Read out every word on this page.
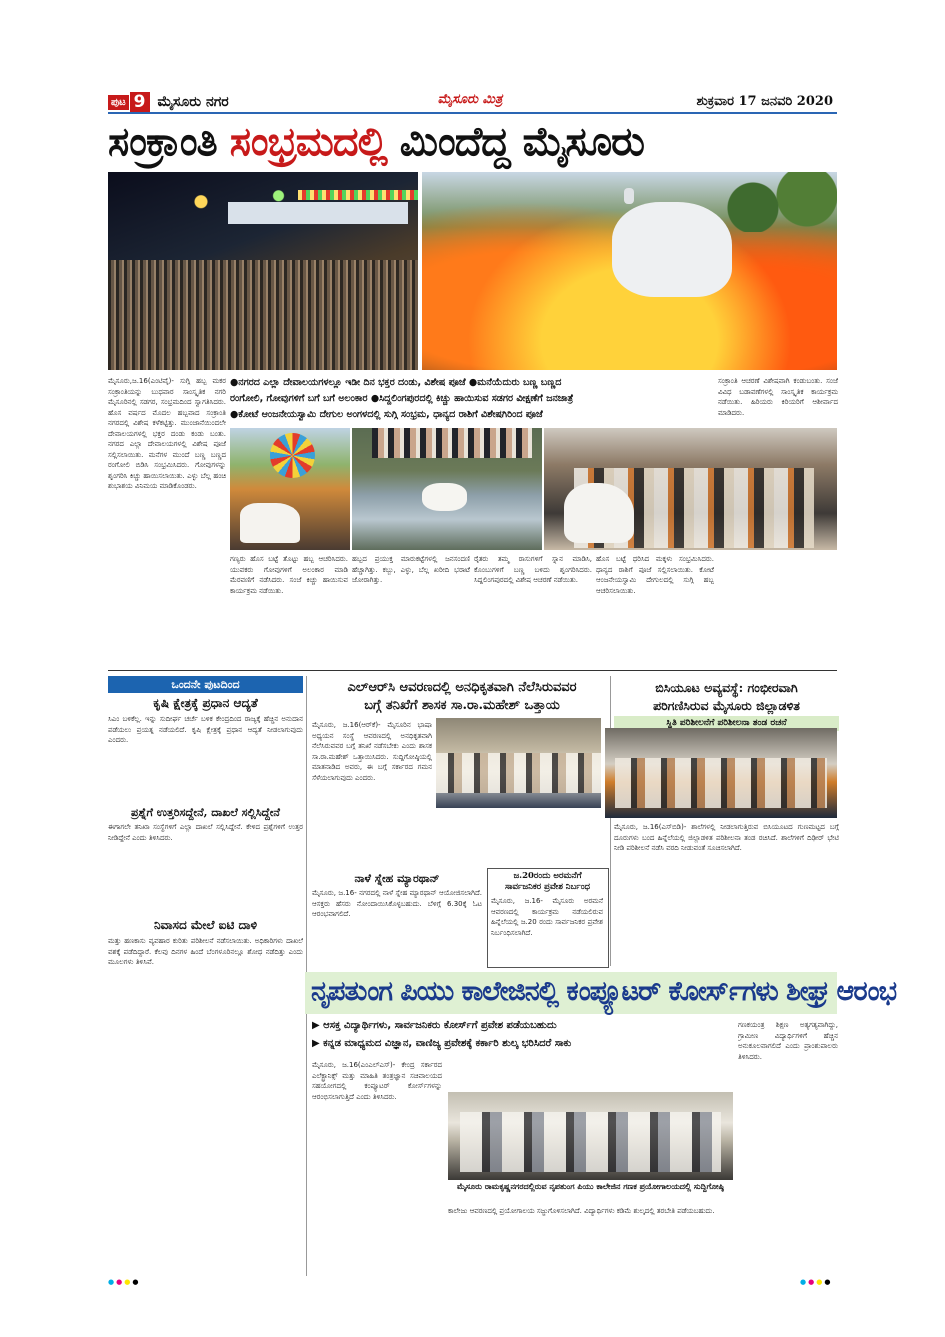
ಪುಟ 9 ಮೈಸೂರು ನಗರ	ಮೈಸೂರು ಮಿತ್ರ	ಶುಕ್ರವಾರ 17 ಜನವರಿ 2020
ಸಂಕ್ರಾಂತಿ ಸಂಭ್ರಮದಲ್ಲಿ ಮಿಂದೆದ್ದ ಮೈಸೂರು
●ನಗರದ ಎಲ್ಲಾ ದೇವಾಲಯಗಳಲ್ಲೂ ಇಡೀ ದಿನ ಭಕ್ತರ ದಂಡು, ವಿಶೇಷ ಪೂಜೆ ●ಮನೆಯೆದುರು ಬಣ್ಣ ಬಣ್ಣದ
ರಂಗೋಲಿ, ಗೋವುಗಳಿಗೆ ಬಗೆ ಬಗೆ ಅಲಂಕಾರ ●ಸಿದ್ದಲಿಂಗಪುರದಲ್ಲಿ ಕಿಚ್ಚು ಹಾಯಿಸುವ ಸಡಗರ ವೀಕ್ಷಣೆಗೆ ಜನಜಾತ್ರೆ
●ಕೋಟೆ ಆಂಜನೇಯಸ್ವಾಮಿ ದೇಗುಲ ಅಂಗಳದಲ್ಲಿ ಸುಗ್ಗಿ ಸಂಭ್ರಮ, ಧಾನ್ಯದ ರಾಶಿಗೆ ವಿಶೇಷಗಿರಿಂದ ಪೂಜೆ
ಮೈಸೂರು,ಜ.16(ಎಂಟಿವೈ)- ಸುಗ್ಗಿ ಹಬ್ಬ ಮಕರ ಸಂಕ್ರಾಂತಿಯನ್ನು ಬುಧವಾರ ಸಾಂಸ್ಕೃತಿಕ ನಗರಿ ಮೈಸೂರಿನಲ್ಲಿ ಸಡಗರ, ಸಂಭ್ರಮದಿಂದ ಸ್ವಾಗತಿಸಿದರು. ಹೊಸ ವರ್ಷದ ಮೊದಲ ಹಬ್ಬವಾದ ಸಂಕ್ರಾಂತಿ ನಗರದಲ್ಲಿ ವಿಶೇಷ ಕಳೆಕಟ್ಟಿತ್ತು. ಮುಂಜಾನೆಯಿಂದಲೇ ದೇವಾಲಯಗಳಲ್ಲಿ ಭಕ್ತರ ದಂಡು ಕಂಡು ಬಂತು. ನಗರದ ಎಲ್ಲಾ ದೇವಾಲಯಗಳಲ್ಲಿ ವಿಶೇಷ ಪೂಜೆ ಸಲ್ಲಿಸಲಾಯಿತು. ಮನೆಗಳ ಮುಂದೆ ಬಣ್ಣ ಬಣ್ಣದ ರಂಗೋಲಿ ಬಿಡಿಸಿ ಸಂಭ್ರಮಿಸಿದರು. ಗೋವುಗಳನ್ನು ಶೃಂಗರಿಸಿ ಕಿಚ್ಚು ಹಾಯಿಸಲಾಯಿತು. ಎಳ್ಳು ಬೆಲ್ಲ ಹಂಚಿ ಶುಭಾಶಯ ವಿನಿಮಯ ಮಾಡಿಕೊಂಡರು.
ಗಣ್ಯರು ಹೊಸ ಬಟ್ಟೆ ತೊಟ್ಟು ಹಬ್ಬ ಆಚರಿಸಿದರು. ಯುವಕರು ಗೋವುಗಳಿಗೆ ಅಲಂಕಾರ ಮಾಡಿ ಮೆರವಣಿಗೆ ನಡೆಸಿದರು. ಸಂಜೆ ಕಿಚ್ಚು ಹಾಯಿಸುವ ಕಾರ್ಯಕ್ರಮ ನಡೆಯಿತು.
ಹಬ್ಬದ ಪ್ರಯುಕ್ತ ಮಾರುಕಟ್ಟೆಗಳಲ್ಲಿ ಜನಸಂದಣಿ ಹೆಚ್ಚಾಗಿತ್ತು. ಕಬ್ಬು, ಎಳ್ಳು, ಬೆಲ್ಲ ಖರೀದಿ ಭರಾಟೆ ಜೋರಾಗಿತ್ತು.
ರೈತರು ತಮ್ಮ ರಾಸುಗಳಿಗೆ ಸ್ನಾನ ಮಾಡಿಸಿ, ಕೊಂಬುಗಳಿಗೆ ಬಣ್ಣ ಬಳಿದು ಶೃಂಗರಿಸಿದರು. ಸಿದ್ದಲಿಂಗಪುರದಲ್ಲಿ ವಿಶೇಷ ಆಚರಣೆ ನಡೆಯಿತು.
ಹೊಸ ಬಟ್ಟೆ ಧರಿಸಿದ ಮಕ್ಕಳು ಸಂಭ್ರಮಿಸಿದರು. ಧಾನ್ಯದ ರಾಶಿಗೆ ಪೂಜೆ ಸಲ್ಲಿಸಲಾಯಿತು. ಕೋಟೆ ಆಂಜನೇಯಸ್ವಾಮಿ ದೇಗುಲದಲ್ಲಿ ಸುಗ್ಗಿ ಹಬ್ಬ ಆಚರಿಸಲಾಯಿತು.
ಸಂಕ್ರಾಂತಿ ಆಚರಣೆ ವಿಶೇಷವಾಗಿ ಕಂಡುಬಂತು. ಸಂಜೆ ವಿವಿಧ ಬಡಾವಣೆಗಳಲ್ಲಿ ಸಾಂಸ್ಕೃತಿಕ ಕಾರ್ಯಕ್ರಮ ನಡೆಯಿತು. ಹಿರಿಯರು ಕಿರಿಯರಿಗೆ ಆಶೀರ್ವಾದ ಮಾಡಿದರು.
ಒಂದನೇ ಪುಟದಿಂದ
ಕೃಷಿ ಕ್ಷೇತ್ರಕ್ಕೆ ಪ್ರಧಾನ ಆದ್ಯತೆ
ಸಿಎಂ ಬಳಿಕೆಲ್ಲ. ಇನ್ನು ಸುದೀರ್ಘ ಚರ್ಚೆ ಬಳಿಕ ಕೇಂದ್ರದಿಂದ ರಾಜ್ಯಕ್ಕೆ ಹೆಚ್ಚಿನ ಅನುದಾನ ಪಡೆಯಲು ಪ್ರಯತ್ನ ನಡೆಯಲಿದೆ. ಕೃಷಿ ಕ್ಷೇತ್ರಕ್ಕೆ ಪ್ರಧಾನ ಆದ್ಯತೆ ನೀಡಲಾಗುವುದು ಎಂದರು.
ಪ್ರಶ್ನೆಗೆ ಉತ್ತರಿಸದ್ದೇನೆ, ದಾಖಲೆ ಸಲ್ಲಿಸಿದ್ದೇನೆ
ಈಗಾಗಲೇ ತನಿಖಾ ಸಂಸ್ಥೆಗಳಿಗೆ ಎಲ್ಲಾ ದಾಖಲೆ ಸಲ್ಲಿಸಿದ್ದೇನೆ. ಕೇಳಿದ ಪ್ರಶ್ನೆಗಳಿಗೆ ಉತ್ತರ ನೀಡಿದ್ದೇನೆ ಎಂದು ತಿಳಿಸಿದರು.
ನಿವಾಸದ ಮೇಲೆ ಐಟಿ ದಾಳಿ
ಮತ್ತು ಹಣಕಾಸು ವ್ಯವಹಾರ ಕುರಿತು ಪರಿಶೀಲನೆ ನಡೆಸಲಾಯಿತು. ಅಧಿಕಾರಿಗಳು ದಾಖಲೆ ವಶಕ್ಕೆ ಪಡೆದಿದ್ದಾರೆ. ಕೆಲವು ದಿನಗಳ ಹಿಂದೆ ಬೆಂಗಳೂರಿನಲ್ಲೂ ಶೋಧ ನಡೆದಿತ್ತು ಎಂದು ಮೂಲಗಳು ತಿಳಿಸಿವೆ.
ಎಲ್‌ಆರ್‌ಸಿ ಆವರಣದಲ್ಲಿ ಅನಧಿಕೃತವಾಗಿ ನೆಲೆಸಿರುವವರ
ಬಗ್ಗೆ ತನಿಖೆಗೆ ಶಾಸಕ ಸಾ.ರಾ.ಮಹೇಶ್ ಒತ್ತಾಯ
ಮೈಸೂರು, ಜ.16(ಆರ್‌ಕೆ)- ಮೈಸೂರಿನ ಭಾಷಾ ಅಧ್ಯಯನ ಸಂಸ್ಥೆ ಆವರಣದಲ್ಲಿ ಅನಧಿಕೃತವಾಗಿ ನೆಲೆಸಿರುವವರ ಬಗ್ಗೆ ತನಿಖೆ ನಡೆಸಬೇಕು ಎಂದು ಶಾಸಕ ಸಾ.ರಾ.ಮಹೇಶ್ ಒತ್ತಾಯಿಸಿದರು. ಸುದ್ದಿಗೋಷ್ಠಿಯಲ್ಲಿ ಮಾತನಾಡಿದ ಅವರು, ಈ ಬಗ್ಗೆ ಸರ್ಕಾರದ ಗಮನ ಸೆಳೆಯಲಾಗುವುದು ಎಂದರು.
ನಾಳೆ ಸ್ನೇಹ ಮ್ಯಾರಥಾನ್
ಮೈಸೂರು, ಜ.16- ನಗರದಲ್ಲಿ ನಾಳೆ ಸ್ನೇಹ ಮ್ಯಾರಥಾನ್ ಆಯೋಜಿಸಲಾಗಿದೆ. ಆಸಕ್ತರು ಹೆಸರು ನೋಂದಾಯಿಸಿಕೊಳ್ಳಬಹುದು. ಬೆಳಿಗ್ಗೆ 6.30ಕ್ಕೆ ಓಟ ಆರಂಭವಾಗಲಿದೆ.
ಜ.20ರಂದು ಅರಮನೆಗೆ
ಸಾರ್ವಜನಿಕರ ಪ್ರವೇಶ ನಿರ್ಬಂಧ
ಮೈಸೂರು, ಜ.16- ಮೈಸೂರು ಅರಮನೆ ಆವರಣದಲ್ಲಿ ಕಾರ್ಯಕ್ರಮ ನಡೆಯಲಿರುವ ಹಿನ್ನೆಲೆಯಲ್ಲಿ ಜ.20 ರಂದು ಸಾರ್ವಜನಿಕರ ಪ್ರವೇಶ ನಿರ್ಬಂಧಿಸಲಾಗಿದೆ.
ಬಿಸಿಯೂಟ ಅವ್ಯವಸ್ಥೆ: ಗಂಭೀರವಾಗಿ
ಪರಿಗಣಿಸಿರುವ ಮೈಸೂರು ಜಿಲ್ಲಾಡಳಿತ
ಸ್ಥಿತಿ ಪರಿಶೀಲನೆಗೆ ಪರಿಶೀಲನಾ ತಂಡ ರಚನೆ
ಮೈಸೂರು, ಜ.16(ಎಸ್‌ಬಿಡಿ)- ಶಾಲೆಗಳಲ್ಲಿ ನೀಡಲಾಗುತ್ತಿರುವ ಬಿಸಿಯೂಟದ ಗುಣಮಟ್ಟದ ಬಗ್ಗೆ ದೂರುಗಳು ಬಂದ ಹಿನ್ನೆಲೆಯಲ್ಲಿ ಜಿಲ್ಲಾಡಳಿತ ಪರಿಶೀಲನಾ ತಂಡ ರಚಿಸಿದೆ. ಶಾಲೆಗಳಿಗೆ ದಿಢೀರ್ ಭೇಟಿ ನೀಡಿ ಪರಿಶೀಲನೆ ನಡೆಸಿ ವರದಿ ನೀಡುವಂತೆ ಸೂಚಿಸಲಾಗಿದೆ.
ನೃಪತುಂಗ ಪಿಯು ಕಾಲೇಜಿನಲ್ಲಿ ಕಂಪ್ಯೂಟರ್ ಕೋರ್ಸ್‌ಗಳು ಶೀಘ್ರ ಆರಂಭ
▶ ಆಸಕ್ತ ವಿದ್ಯಾರ್ಥಿಗಳು, ಸಾರ್ವಜನಿಕರು ಕೋರ್ಸ್‌ಗೆ ಪ್ರವೇಶ ಪಡೆಯಬಹುದು
▶ ಕನ್ನಡ ಮಾಧ್ಯಮದ ವಿಜ್ಞಾನ, ವಾಣಿಜ್ಯ ಪ್ರವೇಶಕ್ಕೆ ಕರ್ಕಾರಿ ಶುಲ್ಕ ಭರಿಸಿದರೆ ಸಾಕು
ಮೈಸೂರು, ಜ.16(ಎಂಎಲ್‌ಎಸ್)- ಕೇಂದ್ರ ಸರ್ಕಾರದ ಎಲೆಕ್ಟ್ರಾನಿಕ್ಸ್ ಮತ್ತು ಮಾಹಿತಿ ತಂತ್ರಜ್ಞಾನ ಸಚಿವಾಲಯದ ಸಹಯೋಗದಲ್ಲಿ ಕಂಪ್ಯೂಟರ್ ಕೋರ್ಸ್‌ಗಳನ್ನು ಆರಂಭಿಸಲಾಗುತ್ತಿದೆ ಎಂದು ತಿಳಿಸಿದರು.
ಮೈಸೂರು ರಾಮಕೃಷ್ಣನಗರದಲ್ಲಿರುವ ನೃಪತುಂಗ ಪಿಯು ಕಾಲೇಜಿನ ಗಣಕ ಪ್ರಯೋಗಾಲಯದಲ್ಲಿ ಸುದ್ದಿಗೋಷ್ಠಿ
ಕಾಲೇಜು ಆವರಣದಲ್ಲಿ ಪ್ರಯೋಗಾಲಯ ಸಜ್ಜುಗೊಳಿಸಲಾಗಿದೆ. ವಿದ್ಯಾರ್ಥಿಗಳು ಕಡಿಮೆ ಶುಲ್ಕದಲ್ಲಿ ತರಬೇತಿ ಪಡೆಯಬಹುದು.
ಗಣಕಯಂತ್ರ ಶಿಕ್ಷಣ ಅತ್ಯಗತ್ಯವಾಗಿದ್ದು, ಗ್ರಾಮೀಣ ವಿದ್ಯಾರ್ಥಿಗಳಿಗೆ ಹೆಚ್ಚಿನ ಅನುಕೂಲವಾಗಲಿದೆ ಎಂದು ಪ್ರಾಂಶುಪಾಲರು ತಿಳಿಸಿದರು.
●●●●	●●●●
